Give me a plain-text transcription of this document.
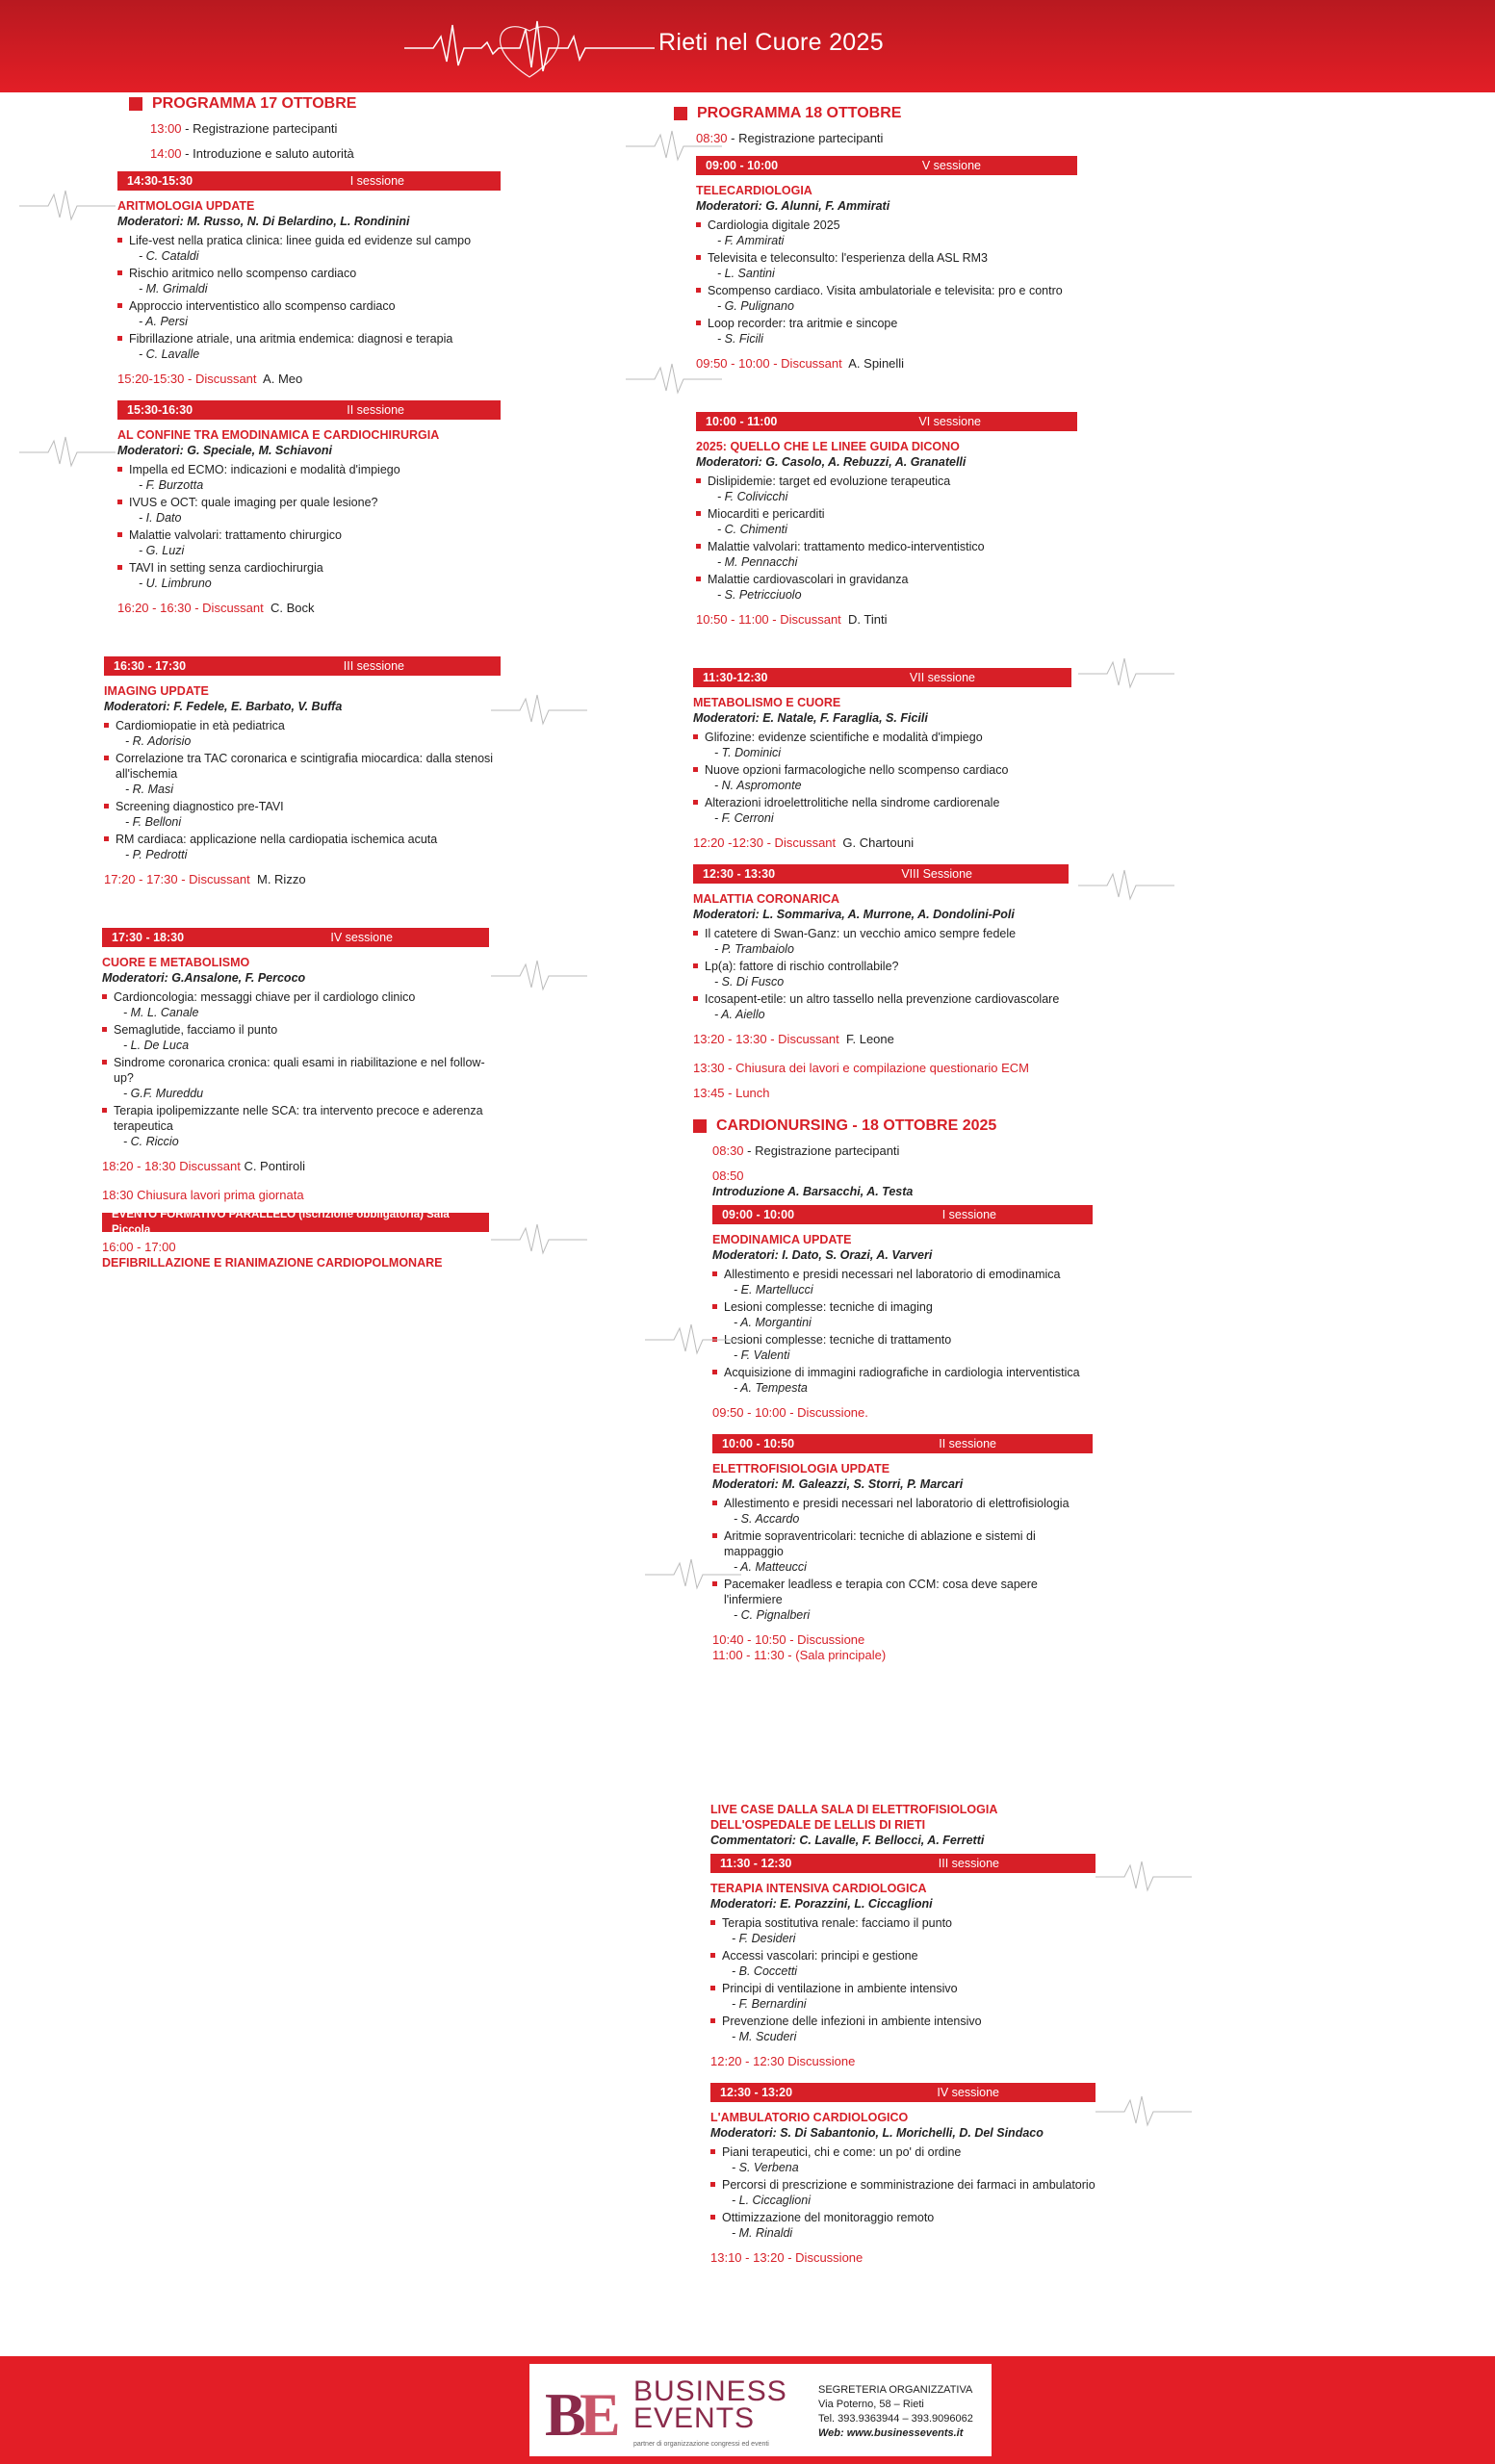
Rieti nel Cuore 2025
PROGRAMMA 17 OTTOBRE
13:00 - Registrazione partecipanti
14:00 - Introduzione e saluto autorità
14:30-15:30	I sessione
ARITMOLOGIA UPDATE
Moderatori: M. Russo, N. Di Belardino, L. Rondinini
Life-vest nella pratica clinica: linee guida ed evidenze sul campo
- C. Cataldi
Rischio aritmico nello scompenso cardiaco
- M. Grimaldi
Approccio interventistico allo scompenso cardiaco
- A. Persi
Fibrillazione atriale, una aritmia endemica: diagnosi e terapia
- C. Lavalle
15:20-15:30 - Discussant A. Meo
15:30-16:30	II sessione
AL CONFINE TRA EMODINAMICA E CARDIOCHIRURGIA
Moderatori: G. Speciale, M. Schiavoni
Impella ed ECMO: indicazioni e modalità d'impiego
- F. Burzotta
IVUS e OCT: quale imaging per quale lesione?
- I. Dato
Malattie valvolari: trattamento chirurgico
- G. Luzi
TAVI in setting senza cardiochirurgia
- U. Limbruno
16:20 - 16:30 - Discussant C. Bock
16:30 - 17:30	III sessione
IMAGING UPDATE
Moderatori: F. Fedele, E. Barbato, V. Buffa
Cardiomiopatie in età pediatrica
- R. Adorisio
Correlazione tra TAC coronarica e scintigrafia miocardica: dalla stenosi all'ischemia
- R. Masi
Screening diagnostico pre-TAVI
- F. Belloni
RM cardiaca: applicazione nella cardiopatia ischemica acuta
- P. Pedrotti
17:20 - 17:30 - Discussant M. Rizzo
17:30 - 18:30	IV sessione
CUORE E METABOLISMO
Moderatori: G.Ansalone, F. Percoco
Cardioncologia: messaggi chiave per il cardiologo clinico
- M. L. Canale
Semaglutide, facciamo il punto
- L. De Luca
Sindrome coronarica cronica: quali esami in riabilitazione e nel follow-up?
- G.F. Mureddu
Terapia ipolipemizzante nelle SCA: tra intervento precoce e aderenza terapeutica
- C. Riccio
18:20 - 18:30 Discussant C. Pontiroli
18:30 Chiusura lavori prima giornata
EVENTO FORMATIVO PARALLELO (iscrizione obbligatoria) Sala Piccola
16:00 - 17:00
DEFIBRILLAZIONE E RIANIMAZIONE CARDIOPOLMONARE
PROGRAMMA 18 OTTOBRE
08:30 - Registrazione partecipanti
09:00 - 10:00	V sessione
TELECARDIOLOGIA
Moderatori: G. Alunni, F. Ammirati
Cardiologia digitale 2025
- F. Ammirati
Televisita e teleconsulto: l'esperienza della ASL RM3
- L. Santini
Scompenso cardiaco. Visita ambulatoriale e televisita: pro e contro
- G. Pulignano
Loop recorder: tra aritmie e sincope
- S. Ficili
09:50 - 10:00 - Discussant A. Spinelli
10:00 - 11:00	VI sessione
2025: QUELLO CHE LE LINEE GUIDA DICONO
Moderatori: G. Casolo, A. Rebuzzi, A. Granatelli
Dislipidemie: target ed evoluzione terapeutica
- F. Colivicchi
Miocarditi e pericarditi
- C. Chimenti
Malattie valvolari: trattamento medico-interventistico
- M. Pennacchi
Malattie cardiovascolari in gravidanza
- S. Petricciuolo
10:50 - 11:00 - Discussant D. Tinti
11:30-12:30	VII sessione
METABOLISMO E CUORE
Moderatori: E. Natale, F. Faraglia, S. Ficili
Glifozine: evidenze scientifiche e modalità d'impiego
- T. Dominici
Nuove opzioni farmacologiche nello scompenso cardiaco
- N. Aspromonte
Alterazioni idroelettrolitiche nella sindrome cardiorenale
- F. Cerroni
12:20 -12:30 - Discussant G. Chartouni
12:30 - 13:30	VIII Sessione
MALATTIA CORONARICA
Moderatori: L. Sommariva, A. Murrone, A. Dondolini-Poli
Il catetere di Swan-Ganz: un vecchio amico sempre fedele
- P. Trambaiolo
Lp(a): fattore di rischio controllabile?
- S. Di Fusco
Icosapent-etile: un altro tassello nella prevenzione cardiovascolare
- A. Aiello
13:20 - 13:30 - Discussant F. Leone
13:30 - Chiusura dei lavori e compilazione questionario ECM
13:45 - Lunch
CARDIONURSING - 18 OTTOBRE 2025
08:30 - Registrazione partecipanti
08:50
Introduzione A. Barsacchi, A. Testa
09:00 - 10:00	I sessione
EMODINAMICA UPDATE
Moderatori: I. Dato, S. Orazi, A. Varveri
Allestimento e presidi necessari nel laboratorio di emodinamica
- E. Martellucci
Lesioni complesse: tecniche di imaging
- A. Morgantini
Lesioni complesse: tecniche di trattamento
- F. Valenti
Acquisizione di immagini radiografiche in cardiologia interventistica
- A. Tempesta
09:50 - 10:00 - Discussione.
10:00 - 10:50	II sessione
ELETTROFISIOLOGIA UPDATE
Moderatori: M. Galeazzi, S. Storri, P. Marcari
Allestimento e presidi necessari nel laboratorio di elettrofisiologia
- S. Accardo
Aritmie sopraventricolari: tecniche di ablazione e sistemi di mappaggio
- A. Matteucci
Pacemaker leadless e terapia con CCM: cosa deve sapere l'infermiere
- C. Pignalberi
10:40 - 10:50 - Discussione
11:00 - 11:30 - (Sala principale)
LIVE CASE DALLA SALA DI ELETTROFISIOLOGIA
DELL'OSPEDALE DE LELLIS DI RIETI
Commentatori: C. Lavalle, F. Bellocci, A. Ferretti
11:30 - 12:30	III sessione
TERAPIA INTENSIVA CARDIOLOGICA
Moderatori: E. Porazzini, L. Ciccaglioni
Terapia sostitutiva renale: facciamo il punto
- F. Desideri
Accessi vascolari: principi e gestione
- B. Coccetti
Principi di ventilazione in ambiente intensivo
- F. Bernardini
Prevenzione delle infezioni in ambiente intensivo
- M. Scuderi
12:20 - 12:30 Discussione
12:30 - 13:20	IV sessione
L'AMBULATORIO CARDIOLOGICO
Moderatori: S. Di Sabantonio, L. Morichelli, D. Del Sindaco
Piani terapeutici, chi e come: un po' di ordine
- S. Verbena
Percorsi di prescrizione e somministrazione dei farmaci in ambulatorio
- L. Ciccaglioni
Ottimizzazione del monitoraggio remoto
- M. Rinaldi
13:10 - 13:20 - Discussione
B
E BUSINESS
EVENTS
partner di organizzazione congressi ed eventi
SEGRETERIA ORGANIZZATIVA
Via Poterno, 58 – Rieti
Tel. 393.9363944 – 393.9096062
Web: www.businessevents.it
